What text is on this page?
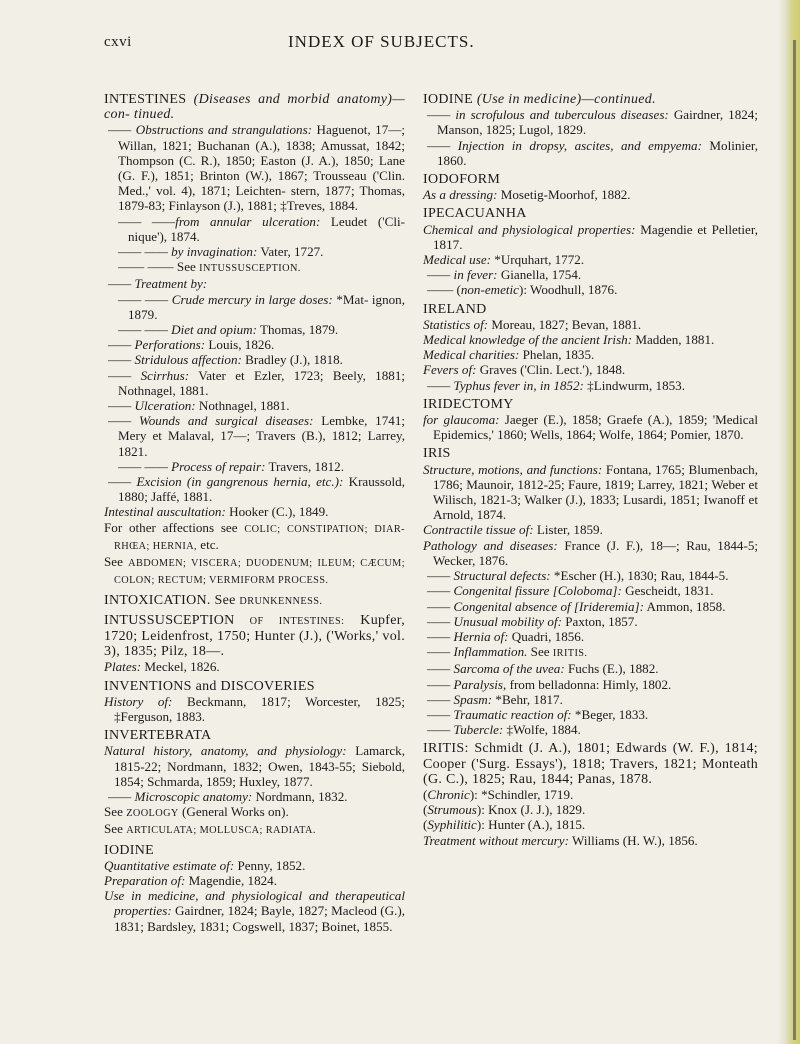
cxvi	INDEX OF SUBJECTS.

INTESTINES (Diseases and morbid anatomy)—con- tinued.

—— Obstructions and strangulations: Haguenot, 17—; Willan, 1821; Buchanan (A.), 1838; Amussat, 1842; Thompson (C. R.), 1850; Easton (J. A.), 1850; Lane (G. F.), 1851; Brinton (W.), 1867; Trousseau ('Clin. Med.,' vol. 4), 1871; Leichten- stern, 1877; Thomas, 1879-83; Finlayson (J.), 1881; ‡Treves, 1884.

—— ——from annular ulceration: Leudet ('Cli- nique'), 1874.

—— —— by invagination: Vater, 1727.

—— —— See INTUSSUSCEPTION.

—— Treatment by:

—— —— Crude mercury in large doses: *Mat- ignon, 1879.

—— —— Diet and opium: Thomas, 1879.

—— Perforations: Louis, 1826.

—— Stridulous affection: Bradley (J.), 1818.

—— Scirrhus: Vater et Ezler, 1723; Beely, 1881; Nothnagel, 1881.

—— Ulceration: Nothnagel, 1881.

—— Wounds and surgical diseases: Lembke, 1741; Mery et Malaval, 17—; Travers (B.), 1812; Larrey, 1821.

—— —— Process of repair: Travers, 1812.

—— Excision (in gangrenous hernia, etc.): Kraussold, 1880; Jaffé, 1881.

Intestinal auscultation: Hooker (C.), 1849.

For other affections see COLIC; CONSTIPATION; DIAR- RHŒA; HERNIA, etc.

See ABDOMEN; VISCERA; DUODENUM; ILEUM; CÆCUM; COLON; RECTUM; VERMIFORM PROCESS.

INTOXICATION. See DRUNKENNESS.

INTUSSUSCEPTION OF INTESTINES: Kupfer, 1720; Leidenfrost, 1750; Hunter (J.), ('Works,' vol. 3), 1835; Pilz, 18—.

Plates: Meckel, 1826.

INVENTIONS and DISCOVERIES

History of: Beckmann, 1817; Worcester, 1825; ‡Ferguson, 1883.

INVERTEBRATA

Natural history, anatomy, and physiology: Lamarck, 1815-22; Nordmann, 1832; Owen, 1843-55; Siebold, 1854; Schmarda, 1859; Huxley, 1877.

—— Microscopic anatomy: Nordmann, 1832.

See ZOOLOGY (General Works on).

See ARTICULATA; MOLLUSCA; RADIATA.

IODINE

Quantitative estimate of: Penny, 1852.

Preparation of: Magendie, 1824.

Use in medicine, and physiological and therapeutical properties: Gairdner, 1824; Bayle, 1827; Macleod (G.), 1831; Bardsley, 1831; Cogswell, 1837; Boinet, 1855.

IODINE (Use in medicine)—continued.

—— in scrofulous and tuberculous diseases: Gairdner, 1824; Manson, 1825; Lugol, 1829.

—— Injection in dropsy, ascites, and empyema: Molinier, 1860.

IODOFORM

As a dressing: Mosetig-Moorhof, 1882.

IPECACUANHA

Chemical and physiological properties: Magendie et Pelletier, 1817.

Medical use: *Urquhart, 1772.

—— in fever: Gianella, 1754.

—— (non-emetic): Woodhull, 1876.

IRELAND

Statistics of: Moreau, 1827; Bevan, 1881.

Medical knowledge of the ancient Irish: Madden, 1881.

Medical charities: Phelan, 1835.

Fevers of: Graves ('Clin. Lect.'), 1848.

—— Typhus fever in, in 1852: ‡Lindwurm, 1853.

IRIDECTOMY

for glaucoma: Jaeger (E.), 1858; Graefe (A.), 1859; 'Medical Epidemics,' 1860; Wells, 1864; Wolfe, 1864; Pomier, 1870.

IRIS

Structure, motions, and functions: Fontana, 1765; Blumenbach, 1786; Maunoir, 1812-25; Faure, 1819; Larrey, 1821; Weber et Wilisch, 1821-3; Walker (J.), 1833; Lusardi, 1851; Iwanoff et Arnold, 1874.

Contractile tissue of: Lister, 1859.

Pathology and diseases: France (J. F.), 18—; Rau, 1844-5; Wecker, 1876.

—— Structural defects: *Escher (H.), 1830; Rau, 1844-5.

—— Congenital fissure [Coloboma]: Gescheidt, 1831.

—— Congenital absence of [Irideremia]: Ammon, 1858.

—— Unusual mobility of: Paxton, 1857.

—— Hernia of: Quadri, 1856.

—— Inflammation. See IRITIS.

—— Sarcoma of the uvea: Fuchs (E.), 1882.

—— Paralysis, from belladonna: Himly, 1802.

—— Spasm: *Behr, 1817.

—— Traumatic reaction of: *Beger, 1833.

—— Tubercle: ‡Wolfe, 1884.

IRITIS: Schmidt (J. A.), 1801; Edwards (W. F.), 1814; Cooper ('Surg. Essays'), 1818; Travers, 1821; Monteath (G. C.), 1825; Rau, 1844; Panas, 1878.

(Chronic): *Schindler, 1719.

(Strumous): Knox (J. J.), 1829.

(Syphilitic): Hunter (A.), 1815.

Treatment without mercury: Williams (H. W.), 1856.
